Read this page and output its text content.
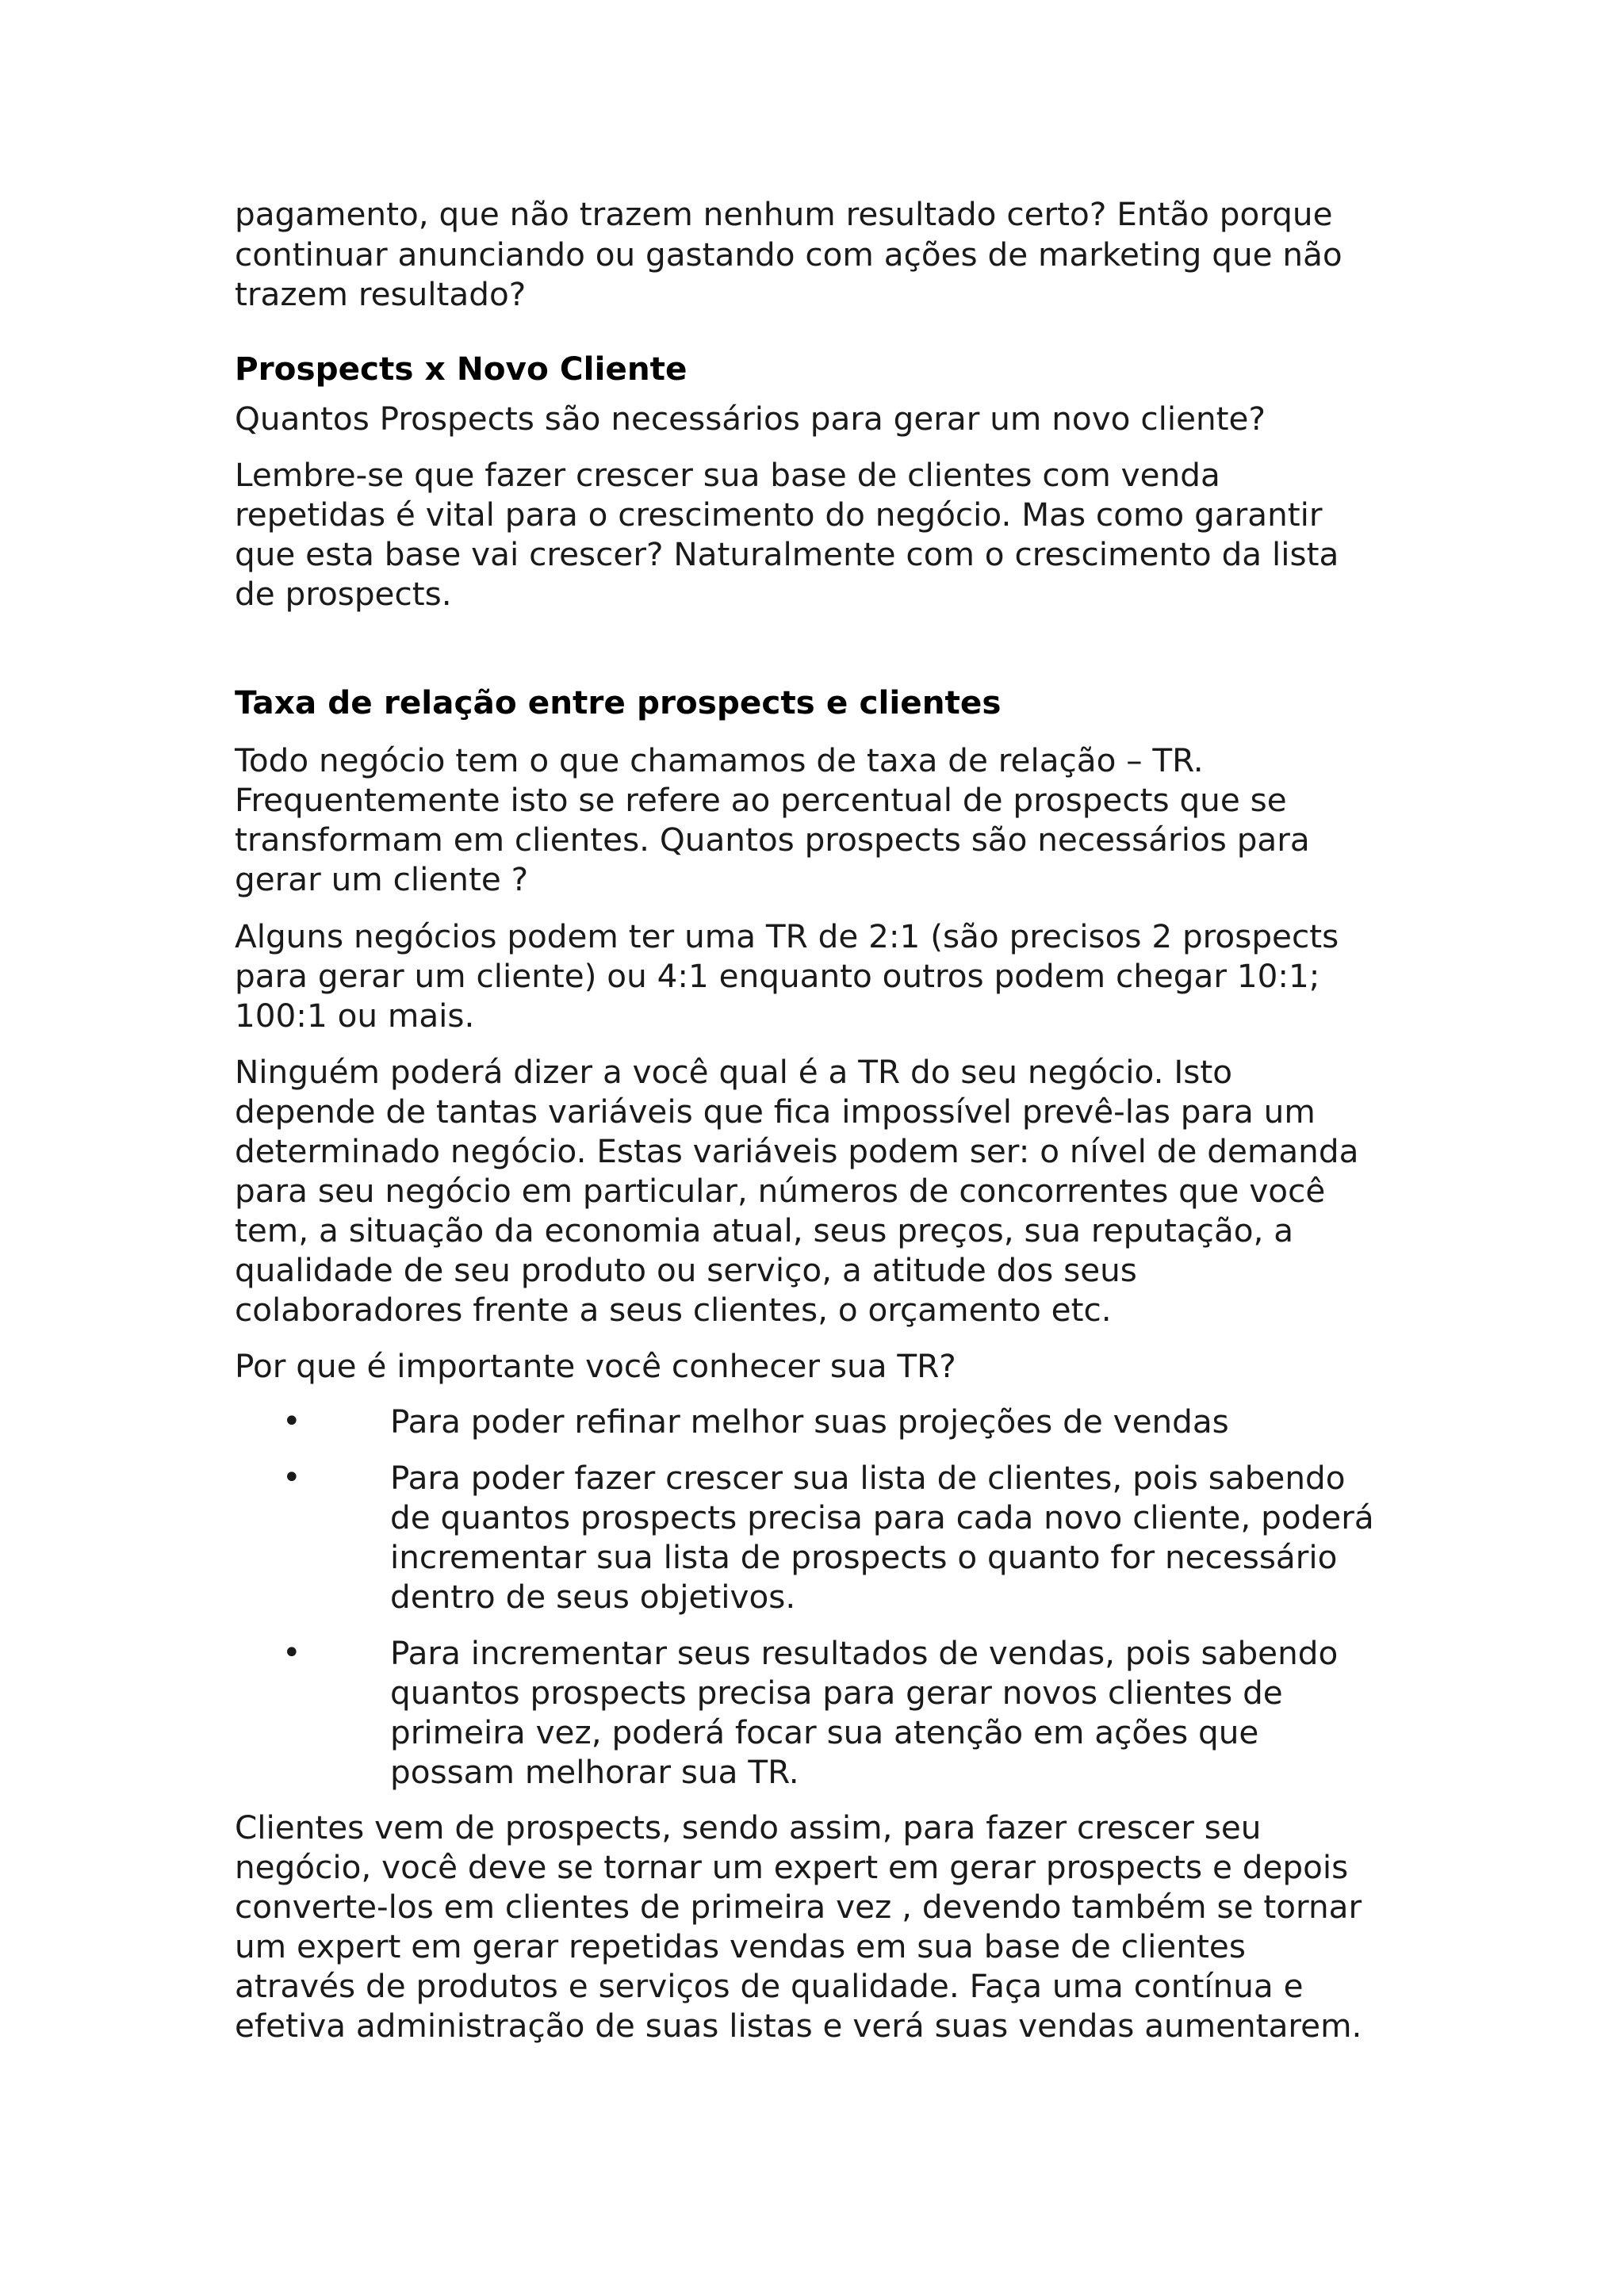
pagamento, que não trazem nenhum resultado certo? Então porque

continuar anunciando ou gastando com ações de marketing que não

trazem resultado?

Prospects x Novo Cliente

Quantos Prospects são necessários para gerar um novo cliente?

Lembre-se que fazer crescer sua base de clientes com venda

repetidas é vital para o crescimento do negócio. Mas como garantir

que esta base vai crescer? Naturalmente com o crescimento da lista

de prospects.

Taxa de relação entre prospects e clientes

Todo negócio tem o que chamamos de taxa de relação – TR.

Frequentemente isto se refere ao percentual de prospects que se

transformam em clientes. Quantos prospects são necessários para

gerar um cliente ?

Alguns negócios podem ter uma TR de 2:1 (são precisos 2 prospects

para gerar um cliente) ou 4:1 enquanto outros podem chegar 10:1;

100:1 ou mais.

Ninguém poderá dizer a você qual é a TR do seu negócio. Isto

depende de tantas variáveis que fica impossível prevê-las para um

determinado negócio. Estas variáveis podem ser: o nível de demanda

para seu negócio em particular, números de concorrentes que você

tem, a situação da economia atual, seus preços, sua reputação, a

qualidade de seu produto ou serviço, a atitude dos seus

colaboradores frente a seus clientes, o orçamento etc.

Por que é importante você conhecer sua TR?

•	Para poder refinar melhor suas projeções de vendas

•	Para poder fazer crescer sua lista de clientes, pois sabendo

de quantos prospects precisa para cada novo cliente, poderá

incrementar sua lista de prospects o quanto for necessário

dentro de seus objetivos.

•	Para incrementar seus resultados de vendas, pois sabendo

quantos prospects precisa para gerar novos clientes de

primeira vez, poderá focar sua atenção em ações que

possam melhorar sua TR.

Clientes vem de prospects, sendo assim, para fazer crescer seu

negócio, você deve se tornar um expert em gerar prospects e depois

converte-los em clientes de primeira vez , devendo também se tornar

um expert em gerar repetidas vendas em sua base de clientes

através de produtos e serviços de qualidade. Faça uma contínua e

efetiva administração de suas listas e verá suas vendas aumentarem.
